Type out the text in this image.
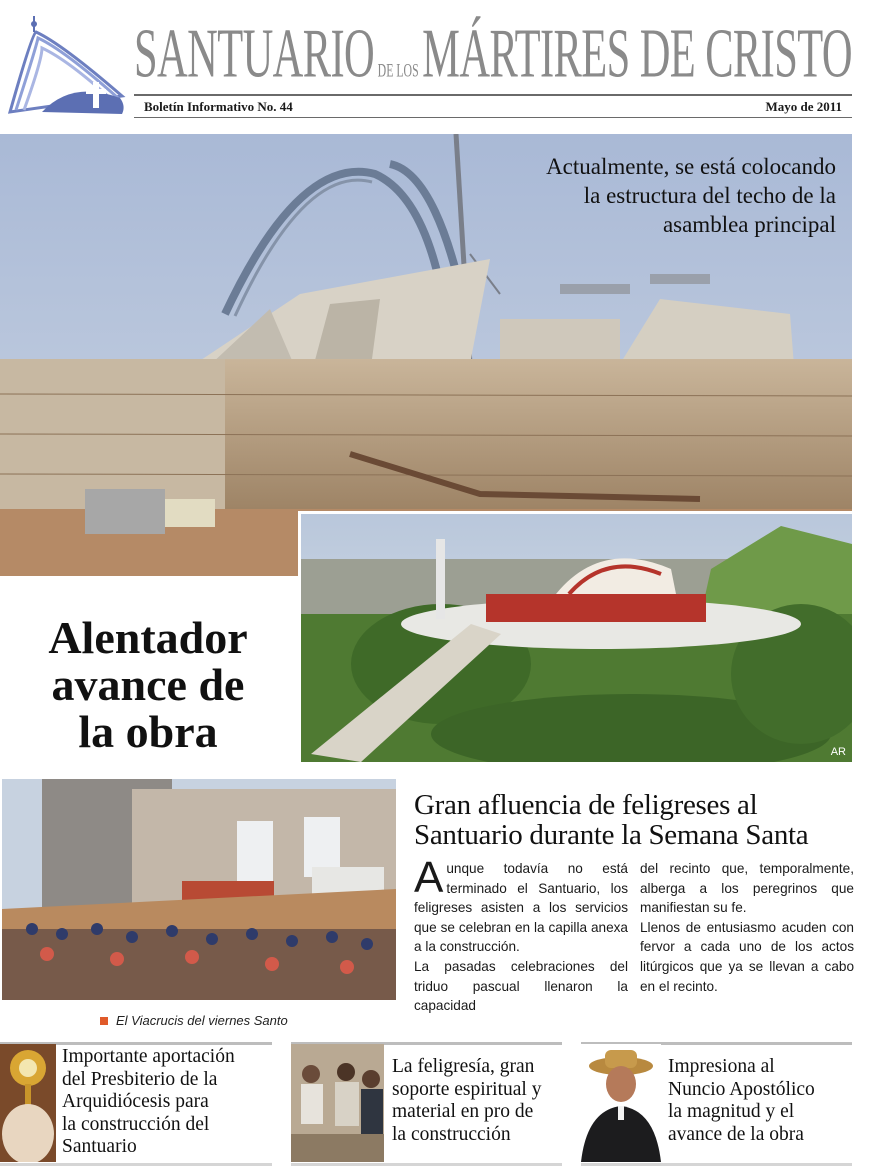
SANTUARIO DE LOS MÁRTIRES DE CRISTO
Boletín Informativo No. 44	Mayo de 2011
Actualmente, se está colocando
la estructura del techo de la
asamblea principal
AR
Alentador
avance de
la obra
Gran afluencia de feligreses al
Santuario durante la Semana Santa

Aunque todavía no está terminado el Santuario, los feligreses asisten a los servicios que se celebran en la capilla anexa a la construcción.

La pasadas celebraciones del triduo pascual llenaron la capacidad

del recinto que, temporalmente, alberga a los peregrinos que manifiestan su fe.

Llenos de entusiasmo acuden con fervor a cada uno de los actos litúrgicos que ya se llevan a cabo en el recinto.

El Viacrucis del viernes Santo
Importante aportación
del Presbiterio de la
Arquidiócesis para
la construcción del
Santuario
La feligresía, gran
soporte espiritual y
material en pro de
la construcción
Impresiona al
Nuncio Apostólico
la magnitud y el
avance de la obra
